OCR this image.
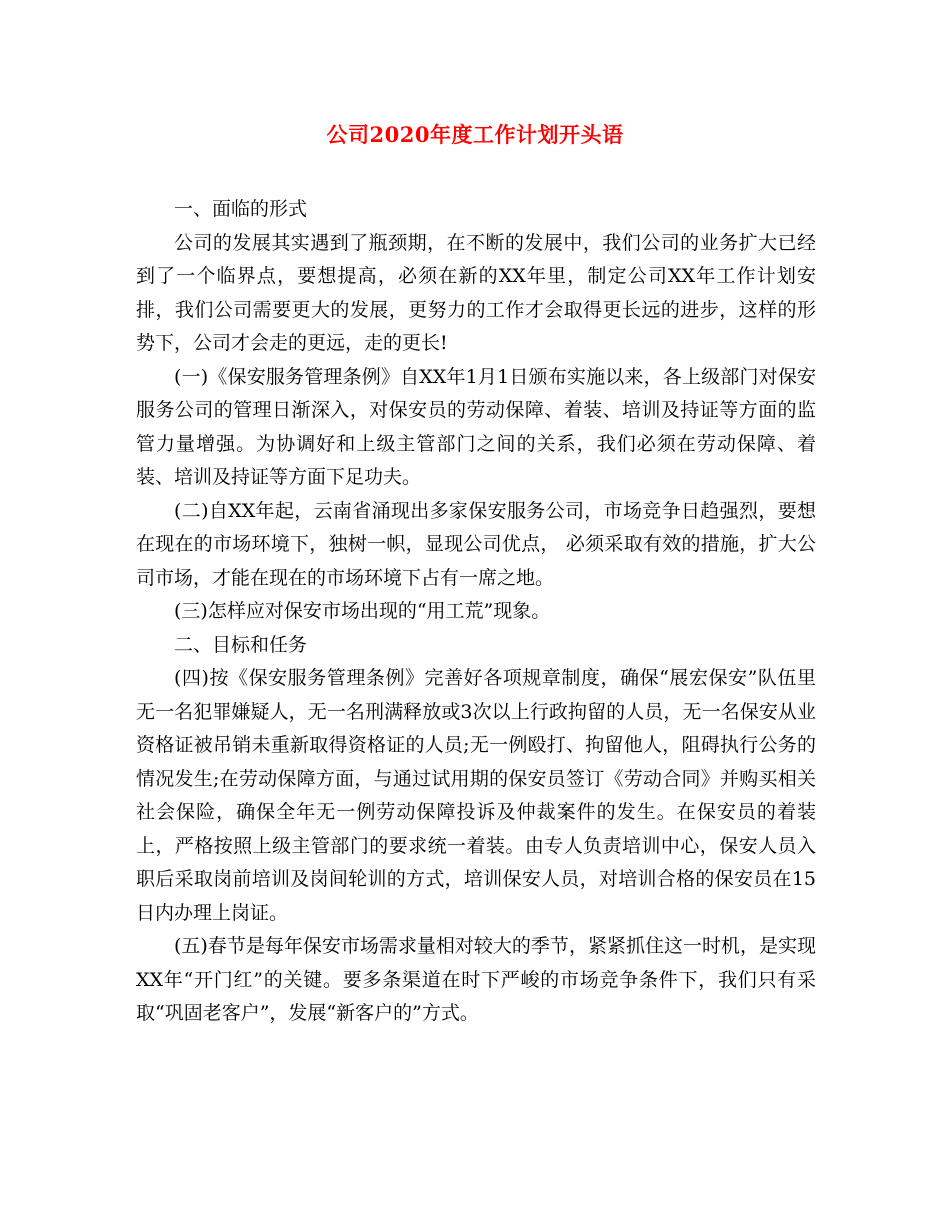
公司2020年度工作计划开头语

一、面临的形式

公司的发展其实遇到了瓶颈期，在不断的发展中，我们公司的业务扩大已经到了一个临界点，要想提高，必须在新的XX年里，制定公司XX年工作计划安排，我们公司需要更大的发展，更努力的工作才会取得更长远的进步，这样的形势下，公司才会走的更远，走的更长!

(一)《保安服务管理条例》自XX年1月1日颁布实施以来，各上级部门对保安服务公司的管理日渐深入，对保安员的劳动保障、着装、培训及持证等方面的监管力量增强。为协调好和上级主管部门之间的关系，我们必须在劳动保障、着装、培训及持证等方面下足功夫。

(二)自XX年起，云南省涌现出多家保安服务公司，市场竞争日趋强烈，要想在现在的市场环境下，独树一帜，显现公司优点， 必须采取有效的措施，扩大公司市场，才能在现在的市场环境下占有一席之地。

(三)怎样应对保安市场出现的“用工荒”现象。

二、目标和任务

(四)按《保安服务管理条例》完善好各项规章制度，确保“展宏保安”队伍里无一名犯罪嫌疑人，无一名刑满释放或3次以上行政拘留的人员，无一名保安从业资格证被吊销未重新取得资格证的人员;无一例殴打、拘留他人，阻碍执行公务的情况发生;在劳动保障方面，与通过试用期的保安员签订《劳动合同》并购买相关社会保险，确保全年无一例劳动保障投诉及仲裁案件的发生。在保安员的着装上，严格按照上级主管部门的要求统一着装。由专人负责培训中心，保安人员入职后采取岗前培训及岗间轮训的方式，培训保安人员，对培训合格的保安员在15日内办理上岗证。

(五)春节是每年保安市场需求量相对较大的季节，紧紧抓住这一时机，是实现XX年“开门红”的关键。要多条渠道在时下严峻的市场竞争条件下，我们只有采取“巩固老客户”，发展“新客户的”方式。
